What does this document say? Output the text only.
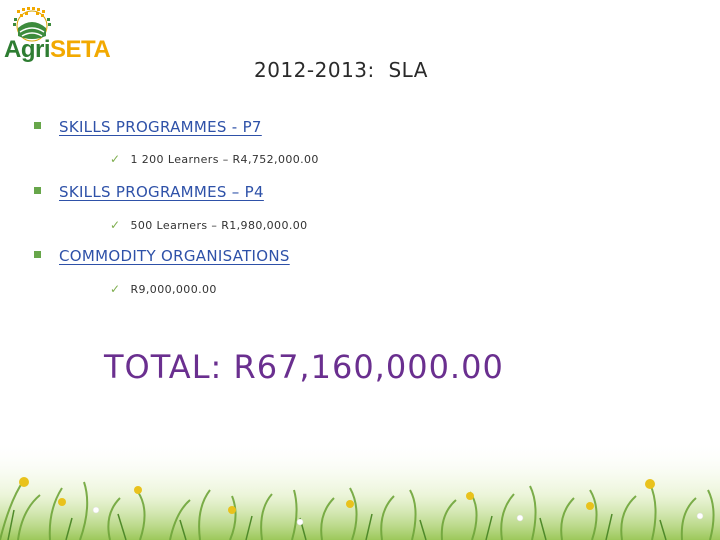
AgriSETA
2012-2013:  SLA
SKILLS PROGRAMMES - P7
✓ 1 200 Learners – R4,752,000.00
SKILLS PROGRAMMES – P4
✓ 500 Learners – R1,980,000.00
COMMODITY ORGANISATIONS
✓ R9,000,000.00
TOTAL: R67,160,000.00
